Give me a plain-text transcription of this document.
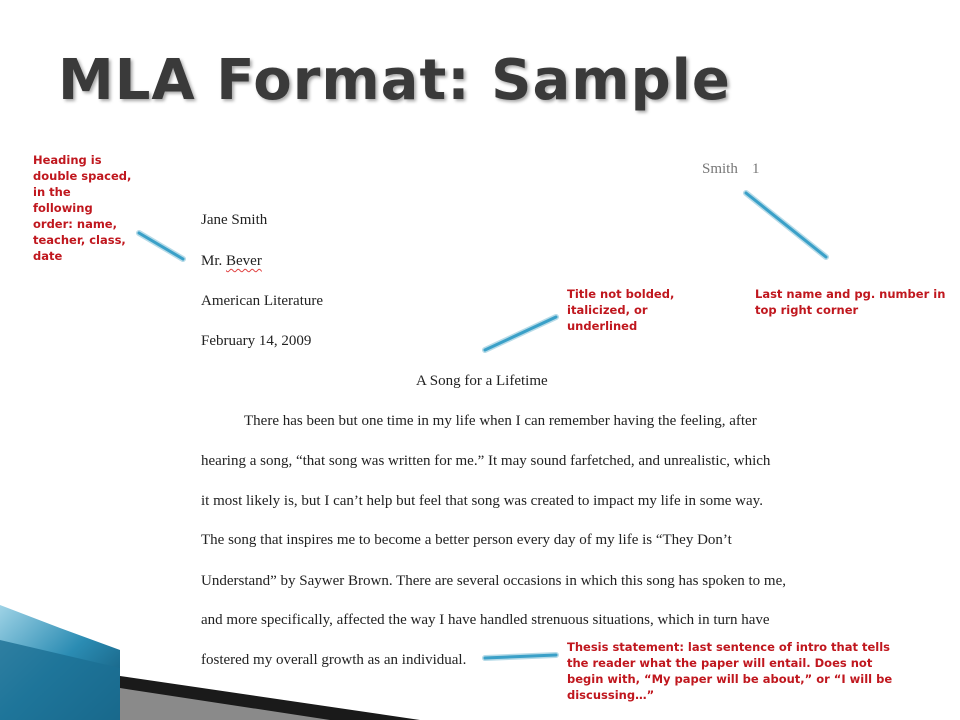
MLA Format: Sample
Smith 1
Jane Smith
Mr. Bever
American Literature
February 14, 2009
A Song for a Lifetime
There has been but one time in my life when I can remember having the feeling, after
hearing a song, “that song was written for me.” It may sound farfetched, and unrealistic, which
it most likely is, but I can’t help but feel that song was created to impact my life in some way.
The song that inspires me to become a better person every day of my life is “They Don’t
Understand” by Saywer Brown. There are several occasions in which this song has spoken to me,
and more specifically, affected the way I have handled strenuous situations, which in turn have
fostered my overall growth as an individual.
Heading is double spaced, in the following order: name, teacher, class, date
Title not bolded, italicized, or underlined
Last name and pg. number in top right corner
Thesis statement: last sentence of intro that tells the reader what the paper will entail. Does not begin with, “My paper will be about,” or “I will be discussing…”
